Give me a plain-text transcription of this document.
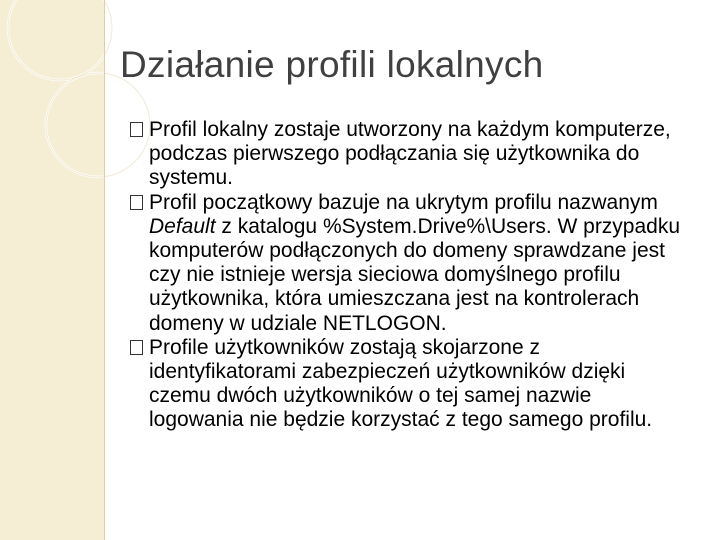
Działanie profili lokalnych
Profil lokalny zostaje utworzony na każdym komputerze, podczas pierwszego podłączania się użytkownika do systemu.
Profil początkowy bazuje na ukrytym profilu nazwanym Default z katalogu %System.Drive%\Users. W przypadku komputerów podłączonych do domeny sprawdzane jest czy nie istnieje wersja sieciowa domyślnego profilu użytkownika, która umieszczana jest na kontrolerach domeny w udziale NETLOGON.
Profile użytkowników zostają skojarzone z identyfikatorami zabezpieczeń użytkowników dzięki czemu dwóch użytkowników o tej samej nazwie logowania nie będzie korzystać z tego samego profilu.
